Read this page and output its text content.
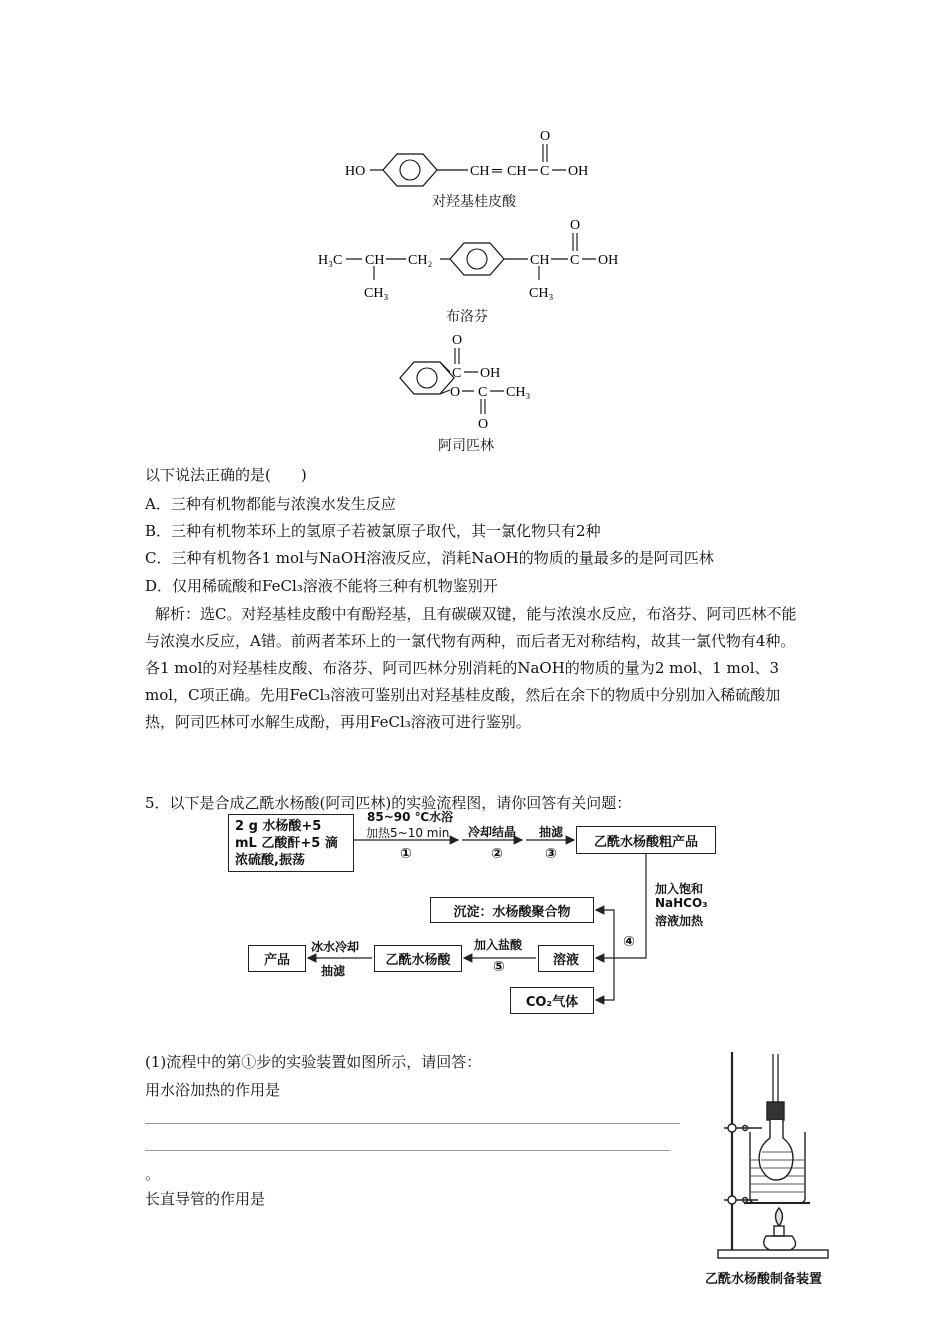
HO	CH ═ CH C
O
OH
对羟基桂皮酸
H₃C CH
CH₃
CH₂	CH
CH₃
C
O
OH
布洛芬
C
O
OH
O C CH₃
O
阿司匹林
以下说法正确的是(　　)
A．三种有机物都能与浓溴水发生反应
B．三种有机物苯环上的氢原子若被氯原子取代，其一氯化物只有2种
C．三种有机物各1 mol与NaOH溶液反应，消耗NaOH的物质的量最多的是阿司匹林
D．仅用稀硫酸和FeCl₃溶液不能将三种有机物鉴别开
解析：选C。对羟基桂皮酸中有酚羟基，且有碳碳双键，能与浓溴水反应，布洛芬、阿司匹林不能与浓溴水反应，A错。前两者苯环上的一氯代物有两种，而后者无对称结构，故其一氯代物有4种。各1 mol的对羟基桂皮酸、布洛芬、阿司匹林分别消耗的NaOH的物质的量为2 mol、1 mol、3 mol，C项正确。先用FeCl₃溶液可鉴别出对羟基桂皮酸，然后在余下的物质中分别加入稀硫酸加热，阿司匹林可水解生成酚，再用FeCl₃溶液可进行鉴别。
5．以下是合成乙酰水杨酸(阿司匹林)的实验流程图，请你回答有关问题：
2 g 水杨酸+5 mL 乙酸酐+5 滴浓硫酸,振荡
85~90 ℃水浴
加热5~10 min
①
冷却结晶
②
抽滤
③
乙酰水杨酸粗产品
加入饱和
NaHCO₃
溶液加热
④
沉淀：水杨酸聚合物
溶液
加入盐酸
⑤
乙酰水杨酸
冰水冷却
抽滤
产品
CO₂气体
(1)流程中的第①步的实验装置如图所示，请回答：
用水浴加热的作用是
。
长直导管的作用是
乙酰水杨酸制备装置
